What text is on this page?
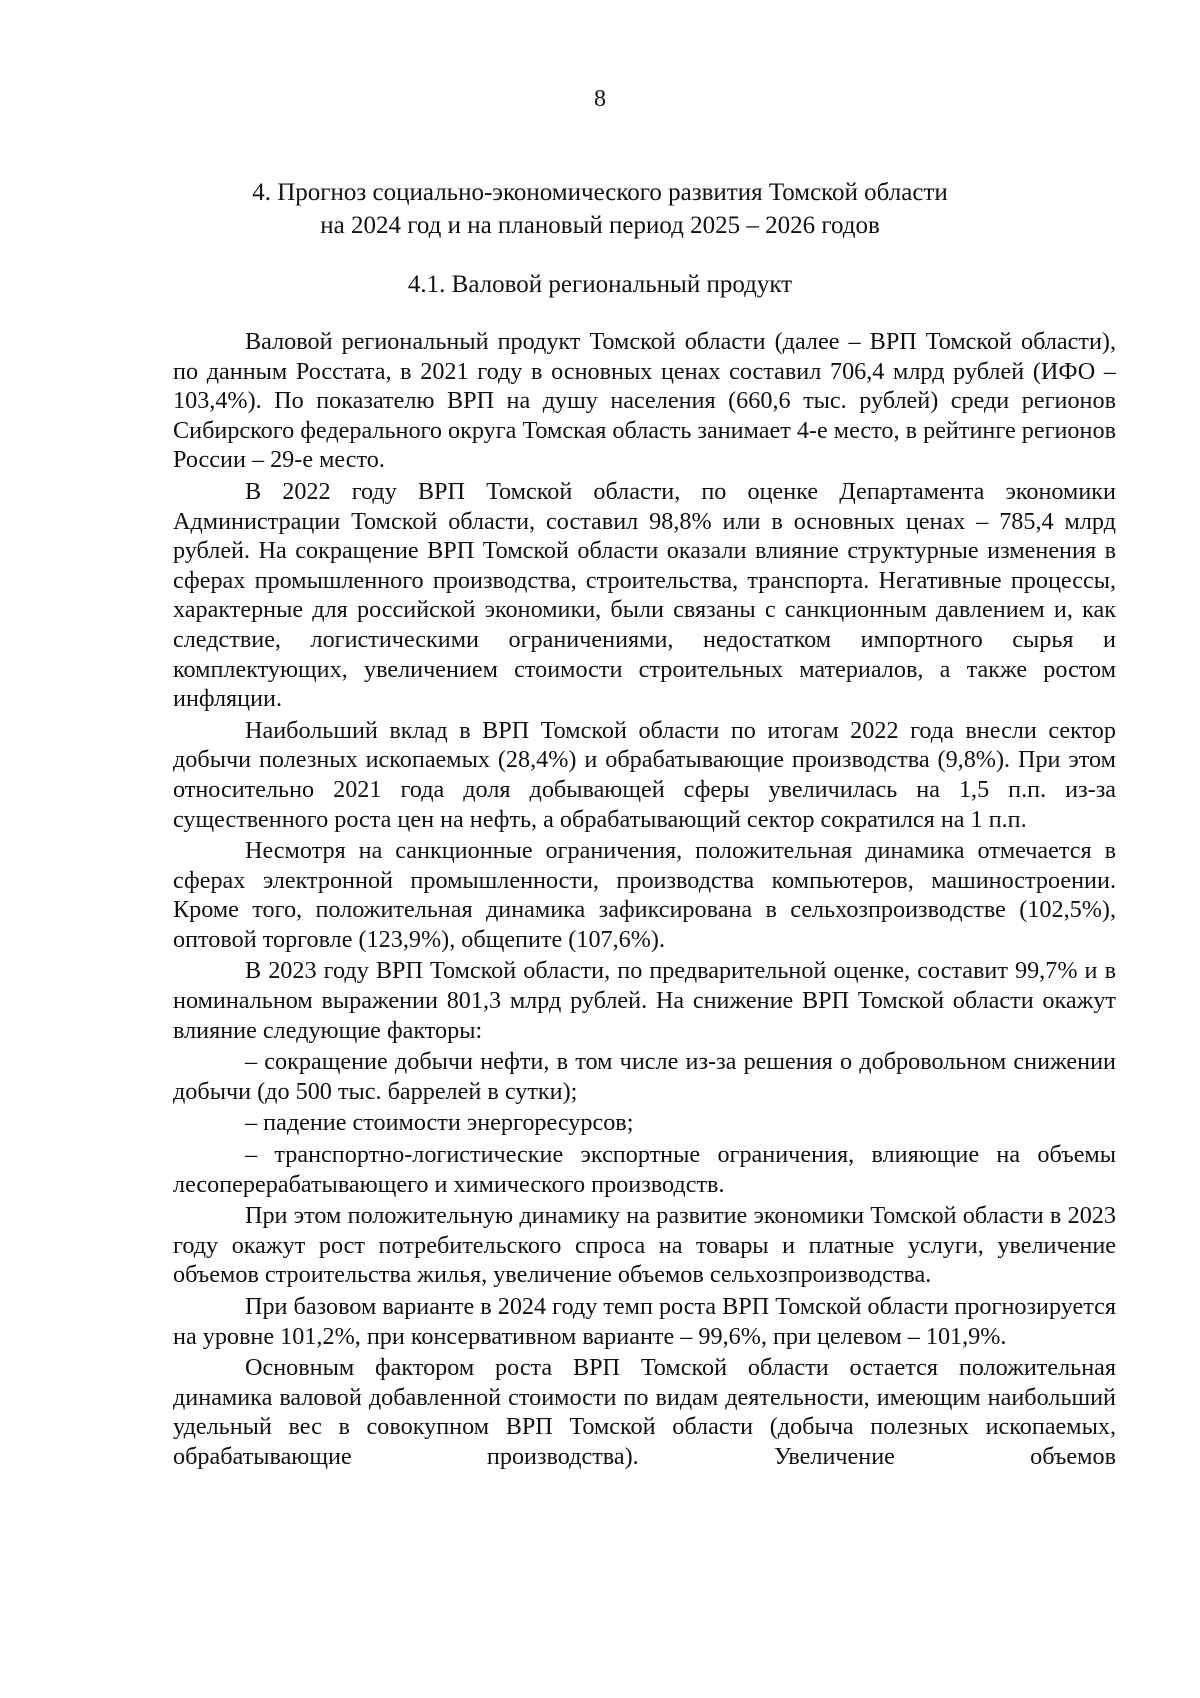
8
4. Прогноз социально-экономического развития Томской области
на 2024 год и на плановый период 2025 – 2026 годов
4.1. Валовой региональный продукт

Валовой региональный продукт Томской области (далее – ВРП Томской области), по данным Росстата, в 2021 году в основных ценах составил 706,4 млрд рублей (ИФО – 103,4%). По показателю ВРП на душу населения (660,6 тыс. рублей) среди регионов Сибирского федерального округа Томская область занимает 4-е место, в рейтинге регионов России – 29-е место.

В 2022 году ВРП Томской области, по оценке Департамента экономики Администрации Томской области, составил 98,8% или в основных ценах – 785,4 млрд рублей. На сокращение ВРП Томской области оказали влияние структурные изменения в сферах промышленного производства, строительства, транспорта. Негативные процессы, характерные для российской экономики, были связаны с санкционным давлением и, как следствие, логистическими ограничениями, недостатком импортного сырья и комплектующих, увеличением стоимости строительных материалов, а также ростом инфляции.

Наибольший вклад в ВРП Томской области по итогам 2022 года внесли сектор добычи полезных ископаемых (28,4%) и обрабатывающие производства (9,8%). При этом относительно 2021 года доля добывающей сферы увеличилась на 1,5 п.п. из-за существенного роста цен на нефть, а обрабатывающий сектор сократился на 1 п.п.

Несмотря на санкционные ограничения, положительная динамика отмечается в сферах электронной промышленности, производства компьютеров, машиностроении. Кроме того, положительная динамика зафиксирована в сельхозпроизводстве (102,5%), оптовой торговле (123,9%), общепите (107,6%).

В 2023 году ВРП Томской области, по предварительной оценке, составит 99,7% и в номинальном выражении 801,3 млрд рублей. На снижение ВРП Томской области окажут влияние следующие факторы:

– сокращение добычи нефти, в том числе из-за решения о добровольном снижении добычи (до 500 тыс. баррелей в сутки);

– падение стоимости энергоресурсов;

– транспортно-логистические экспортные ограничения, влияющие на объемы лесоперерабатывающего и химического производств.

При этом положительную динамику на развитие экономики Томской области в 2023 году окажут рост потребительского спроса на товары и платные услуги, увеличение объемов строительства жилья, увеличение объемов сельхозпроизводства.

При базовом варианте в 2024 году темп роста ВРП Томской области прогнозируется на уровне 101,2%, при консервативном варианте – 99,6%, при целевом – 101,9%.

Основным фактором роста ВРП Томской области остается положительная динамика валовой добавленной стоимости по видам деятельности, имеющим наибольший удельный вес в совокупном ВРП Томской области (добыча полезных ископаемых, обрабатывающие производства). Увеличение объемов
